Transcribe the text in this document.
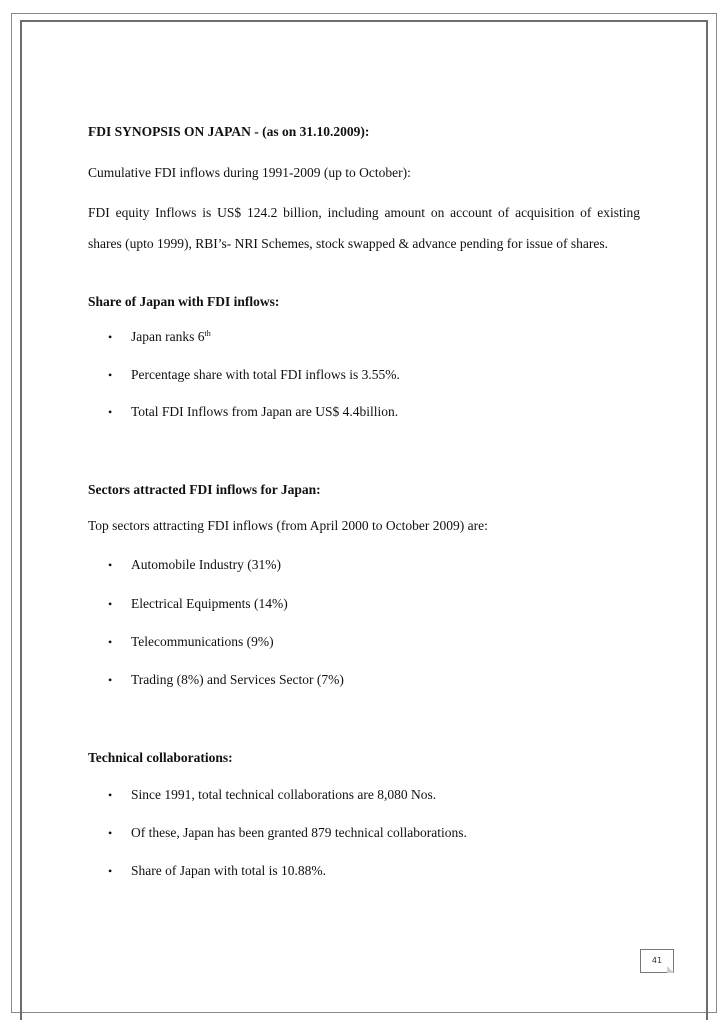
FDI SYNOPSIS ON JAPAN - (as on 31.10.2009):
Cumulative FDI inflows during 1991-2009 (up to October):
FDI equity Inflows is US$ 124.2 billion, including amount on account of acquisition of existing shares (upto 1999), RBI’s- NRI Schemes, stock swapped & advance pending for issue of shares.
Share of Japan with FDI inflows:
• Japan ranks 6th
• Percentage share with total FDI inflows is 3.55%.
• Total FDI Inflows from Japan are US$ 4.4billion.
Sectors attracted FDI inflows for Japan:
Top sectors attracting FDI inflows (from April 2000 to October 2009) are:
• Automobile Industry (31%)
• Electrical Equipments (14%)
• Telecommunications (9%)
• Trading (8%) and Services Sector (7%)
Technical collaborations:
• Since 1991, total technical collaborations are 8,080 Nos.
• Of these, Japan has been granted 879 technical collaborations.
• Share of Japan with total is 10.88%.
41
